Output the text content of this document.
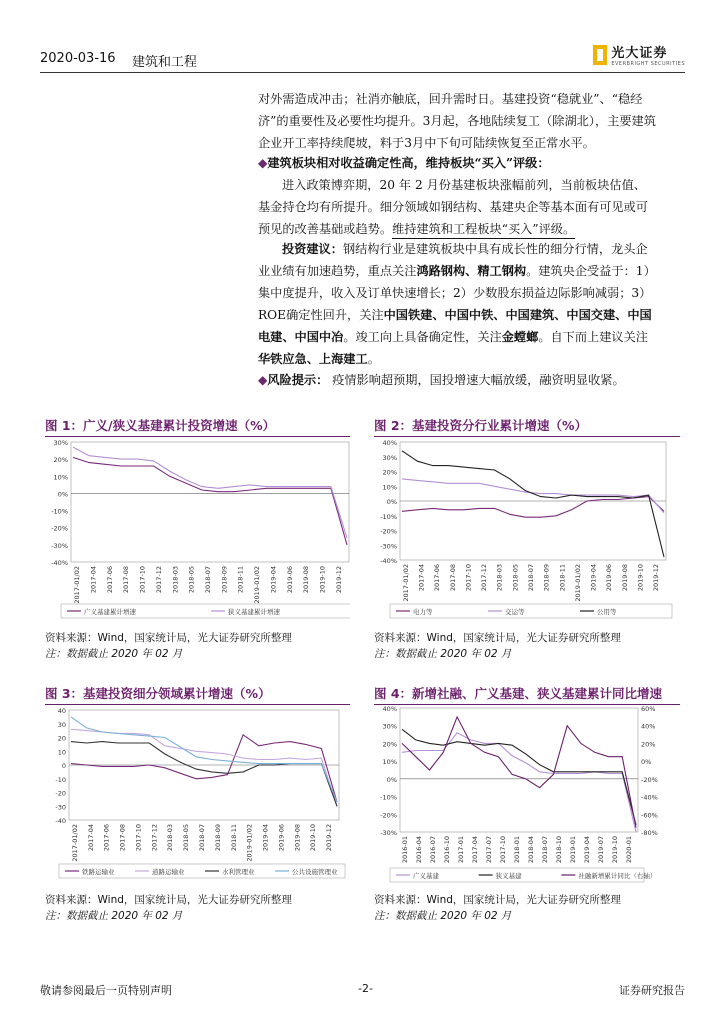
2020-03-16 建筑和工程
光大证券
EVERBRIGHT SECURITIES

对外需造成冲击；社消亦触底，回升需时日。基建投资“稳就业”、“稳经济”的重要性及必要性均提升。3月起，各地陆续复工（除湖北），主要建筑企业开工率持续爬坡，料于3月中下旬可陆续恢复至正常水平。

◆建筑板块相对收益确定性高，维持板块“买入”评级：

进入政策博弈期，20 年 2 月份基建板块涨幅前列，当前板块估值、基金持仓均有所提升。细分领域如钢结构、基建央企等基本面有可见或可预见的改善基础或趋势。维持建筑和工程板块“买入”评级。

投资建议：钢结构行业是建筑板块中具有成长性的细分行情，龙头企业业绩有加速趋势，重点关注鸿路钢构、精工钢构。建筑央企受益于：1）集中度提升，收入及订单快速增长；2）少数股东损益边际影响减弱；3）ROE确定性回升，关注中国铁建、中国中铁、中国建筑、中国交建、中国电建、中国中冶。竣工向上具备确定性，关注金螳螂。自下而上建议关注华铁应急、上海建工。

◆风险提示： 疫情影响超预期，国投增速大幅放缓，融资明显收紧。

图 1：广义/狭义基建累计投资增速（%）
30%
20%
10%
0%
-10%
-20%
-30%
-40%
2017-01/02 2017-04 2017-06 2017-08 2017-10 2017-12 2018-03 2018-05 2018-07 2018-09 2018-11 2019-01/02 2019-04 2019-06 2019-08 2019-10 2019-12
广义基建累计增速	狭义基建累计增速
资料来源：Wind，国家统计局，光大证券研究所整理
注：数据截止 2020 年 02 月
图 2：基建投资分行业累计增速（%）
40%
30%
20%
10%
0%
-10%
-20%
-30%
-40%
2017-01/02 2017-04 2017-06 2017-08 2017-10 2017-12 2018-03 2018-05 2018-07 2018-09 2018-11 2019-01/02 2019-04 2019-06 2019-08 2019-10 2019-12
电力等	交运等	公用等
资料来源：Wind，国家统计局，光大证券研究所整理
注：数据截止 2020 年 02 月
图 3：基建投资细分领域累计增速（%）
40
30
20
10
0
-10
-20
-30
-40
2017-01/02 2017-04 2017-06 2017-08 2017-10 2017-12 2018-03 2018-05 2018-07 2018-09 2018-11 2019-01/02 2019-04 2019-06 2019-08 2019-10 2019-12
铁路运输业	道路运输业	水利管理业	公共设施管理业
资料来源：Wind，国家统计局，光大证券研究所整理
注：数据截止 2020 年 02 月
图 4：新增社融、广义基建、狭义基建累计同比增速
40%
30%
20%
10%
0%
-10%
-20%
-30%
60%
40%
20%
0%
-20%
-40%
-60%
-80%
2016-01 2016-04 2016-07 2016-10 2017-01 2017-04 2017-07 2017-10 2018-01 2018-04 2018-07 2018-10 2019-01 2019-04 2019-07 2019-10 2020-01
广义基建	狭义基建	社融新增累计同比（右轴）
资料来源：Wind，国家统计局，光大证券研究所整理
注：数据截止 2020 年 02 月
敬请参阅最后一页特别声明	-2-	证券研究报告
